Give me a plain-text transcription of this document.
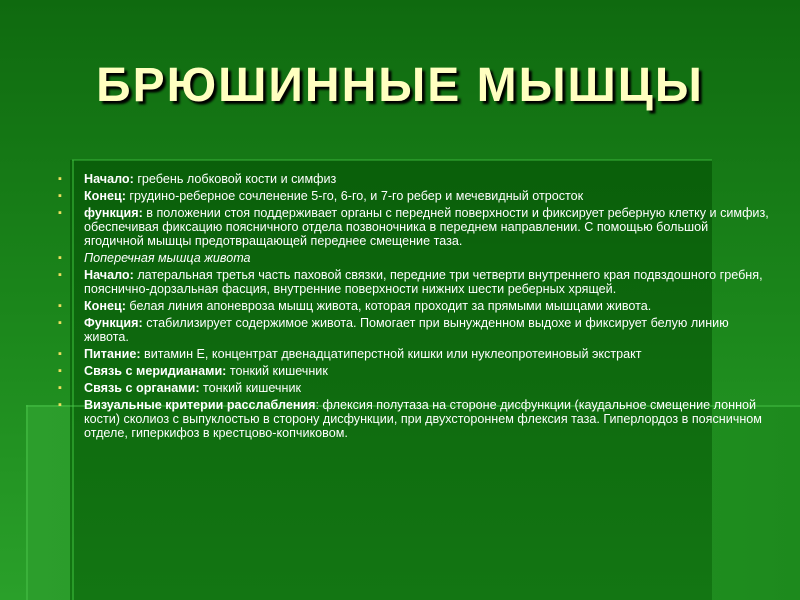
БРЮШИННЫЕ МЫШЦЫ
▪	Начало: гребень лобковой кости и симфиз
▪	Конец: грудино-реберное сочленение 5-го, 6-го, и 7-го ребер и мечевидный отросток
▪	функция: в положении стоя поддерживает органы с передней поверхности и фиксирует реберную клетку и симфиз, обеспечивая фиксацию поясничного отдела позвоночника в переднем направлении. С помощью большой ягодичной мышцы предотвращающей переднее смещение таза.
▪	Поперечная мышца живота
▪	Начало: латеральная третья часть паховой связки, передние три четверти внутреннего края подвздошного гребня, пояснично-дорзальная фасция, внутренние поверхности нижних шести реберных хрящей.
▪	Конец: белая линия апоневроза мышц живота, которая проходит за прямыми мышцами живота.
▪	Функция: стабилизирует содержимое живота. Помогает при вынужденном выдохе и фиксирует белую линию живота.
▪	Питание: витамин Е, концентрат двенадцатиперстной кишки или нуклеопротеиновый экстракт
▪	Связь с меридианами: тонкий кишечник
▪	Связь с органами: тонкий кишечник
▪	Визуальные критерии расслабления: флексия полутаза на стороне дисфункции (каудальное смещение лонной кости) сколиоз с выпуклостью в сторону дисфункции, при двухстороннем флексия таза. Гиперлордоз в поясничном отделе, гиперкифоз в крестцово-копчиковом.
